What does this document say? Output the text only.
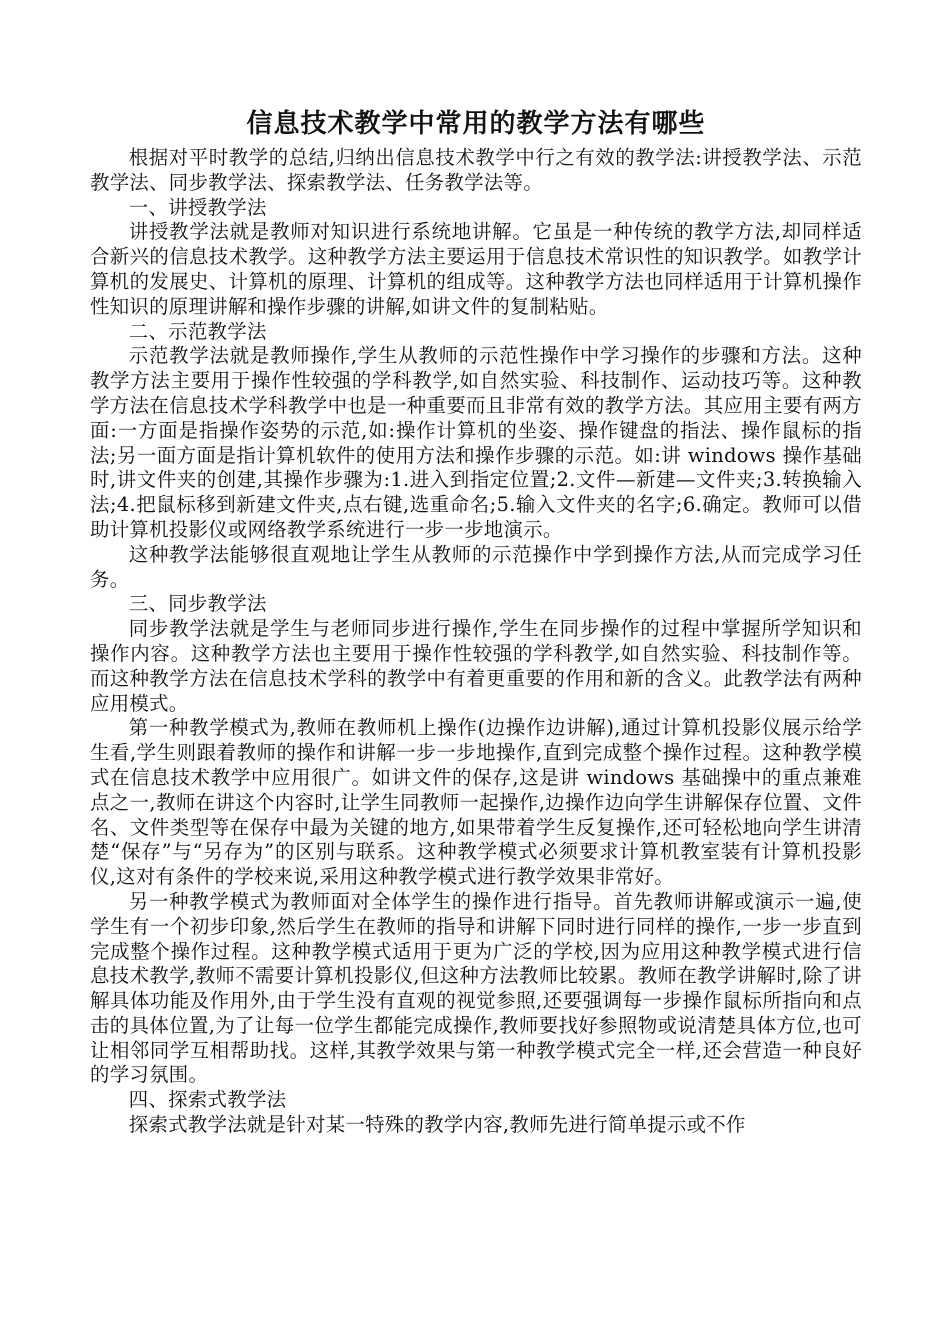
信息技术教学中常用的教学方法有哪些

根据对平时教学的总结,归纳出信息技术教学中行之有效的教学法:讲授教学法、示范教学法、同步教学法、探索教学法、任务教学法等。

一、讲授教学法

讲授教学法就是教师对知识进行系统地讲解。它虽是一种传统的教学方法,却同样适合新兴的信息技术教学。这种教学方法主要运用于信息技术常识性的知识教学。如教学计算机的发展史、计算机的原理、计算机的组成等。这种教学方法也同样适用于计算机操作性知识的原理讲解和操作步骤的讲解,如讲文件的复制粘贴。

二、示范教学法

示范教学法就是教师操作,学生从教师的示范性操作中学习操作的步骤和方法。这种教学方法主要用于操作性较强的学科教学,如自然实验、科技制作、运动技巧等。这种教学方法在信息技术学科教学中也是一种重要而且非常有效的教学方法。其应用主要有两方面:一方面是指操作姿势的示范,如:操作计算机的坐姿、操作键盘的指法、操作鼠标的指法;另一面方面是指计算机软件的使用方法和操作步骤的示范。如:讲 windows 操作基础时,讲文件夹的创建,其操作步骤为:1.进入到指定位置;2.文件—新建—文件夹;3.转换输入法;4.把鼠标移到新建文件夹,点右键,选重命名;5.输入文件夹的名字;6.确定。教师可以借助计算机投影仪或网络教学系统进行一步一步地演示。

这种教学法能够很直观地让学生从教师的示范操作中学到操作方法,从而完成学习任务。

三、同步教学法

同步教学法就是学生与老师同步进行操作,学生在同步操作的过程中掌握所学知识和操作内容。这种教学方法也主要用于操作性较强的学科教学,如自然实验、科技制作等。而这种教学方法在信息技术学科的教学中有着更重要的作用和新的含义。此教学法有两种应用模式。

第一种教学模式为,教师在教师机上操作(边操作边讲解),通过计算机投影仪展示给学生看,学生则跟着教师的操作和讲解一步一步地操作,直到完成整个操作过程。这种教学模式在信息技术教学中应用很广。如讲文件的保存,这是讲 windows 基础操中的重点兼难点之一,教师在讲这个内容时,让学生同教师一起操作,边操作边向学生讲解保存位置、文件名、文件类型等在保存中最为关键的地方,如果带着学生反复操作,还可轻松地向学生讲清楚“保存”与“另存为”的区别与联系。这种教学模式必须要求计算机教室装有计算机投影仪,这对有条件的学校来说,采用这种教学模式进行教学效果非常好。

另一种教学模式为教师面对全体学生的操作进行指导。首先教师讲解或演示一遍,使学生有一个初步印象,然后学生在教师的指导和讲解下同时进行同样的操作,一步一步直到完成整个操作过程。这种教学模式适用于更为广泛的学校,因为应用这种教学模式进行信息技术教学,教师不需要计算机投影仪,但这种方法教师比较累。教师在教学讲解时,除了讲解具体功能及作用外,由于学生没有直观的视觉参照,还要强调每一步操作鼠标所指向和点击的具体位置,为了让每一位学生都能完成操作,教师要找好参照物或说清楚具体方位,也可让相邻同学互相帮助找。这样,其教学效果与第一种教学模式完全一样,还会营造一种良好的学习氛围。

四、探索式教学法

探索式教学法就是针对某一特殊的教学内容,教师先进行简单提示或不作
